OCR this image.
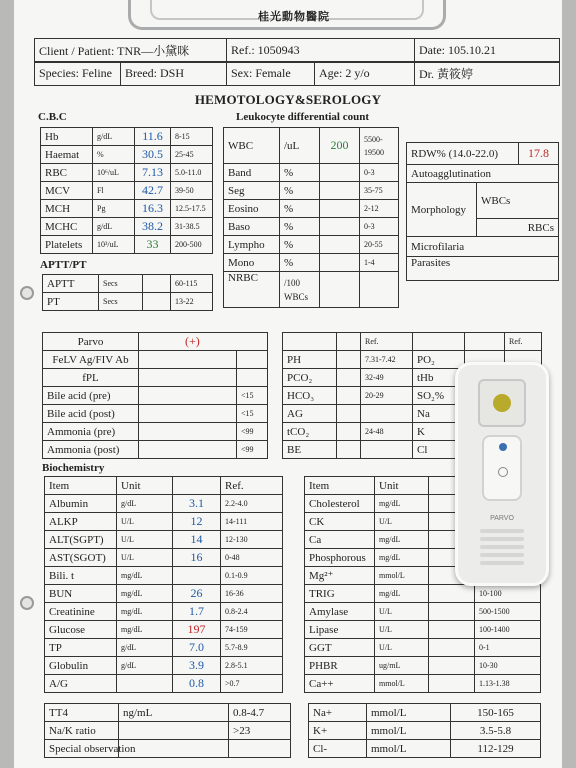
桂光動物醫院
Client / Patient: TNR—小黛咪	Ref.: 1050943	Date: 105.10.21
Species: Feline	Breed: DSH	Sex: Female	Age: 2 y/o	Dr. 黃筱婷
HEMOTOLOGY&SEROLOGY
C.B.C	Leukocyte differential count
Hb	g/dL	11.6	8-15
Haemat	%	30.5	25-45
RBC	10⁶/uL	7.13	5.0-11.0
MCV	Fl	42.7	39-50
MCH	Pg	16.3	12.5-17.5
MCHC	g/dL	38.2	31-38.5
Platelets	10³/uL	33	200-500
WBC	/uL	200	5500-19500

Band	%		0-3
Seg	%		35-75
Eosino	%		2-12
Baso	%		0-3
Lympho	%		20-55
Mono	%		1-4
NRBC	/100 WBCs		
RDW% (14.0-22.0)		17.8
Autoagglutination		
Morphology	WBCs	
	RBCs	
Microfilaria		
Parasites		
APTT/PT
APTT	Secs		60-115
PT	Secs		13-22
Parvo	(+)	
FeLV Ag/FIV Ab		
fPL		
Bile acid (pre)		<15
Bile acid (post)		<15
Ammonia (pre)		<99
Ammonia (post)		<99
		Ref.			Ref.
PH		7.31-7.42	PO₂		
PCO₂		32-49	tHb		
HCO₃		20-29	SO₂%		
AG			Na		
tCO₂		24-48	K		
BE			Cl		
Biochemistry
Item	Unit		Ref.
Albumin	g/dL	3.1	2.2-4.0
ALKP	U/L	12	14-111
ALT(SGPT)	U/L	14	12-130
AST(SGOT)	U/L	16	0-48
Bili. t	mg/dL		0.1-0.9
BUN	mg/dL	26	16-36
Creatinine	mg/dL	1.7	0.8-2.4
Glucose	mg/dL	197	74-159
TP	g/dL	7.0	5.7-8.9
Globulin	g/dL	3.9	2.8-5.1
A/G		0.8	>0.7
Item	Unit		
Cholesterol	mg/dL		
CK	U/L		
Ca	mg/dL		
Phosphorous	mg/dL		
Mg²⁺	mmol/L		
TRIG	mg/dL		10-100
Amylase	U/L		500-1500
Lipase	U/L		100-1400
GGT	U/L		0-1
PHBR	ug/mL		10-30
Ca++	mmol/L		1.13-1.38
TT4	ng/mL	0.8-4.7
Na/K ratio		>23
Special observation		
Na+	mmol/L	150-165
K+	mmol/L	3.5-5.8
Cl-	mmol/L	112-129
PARVO
